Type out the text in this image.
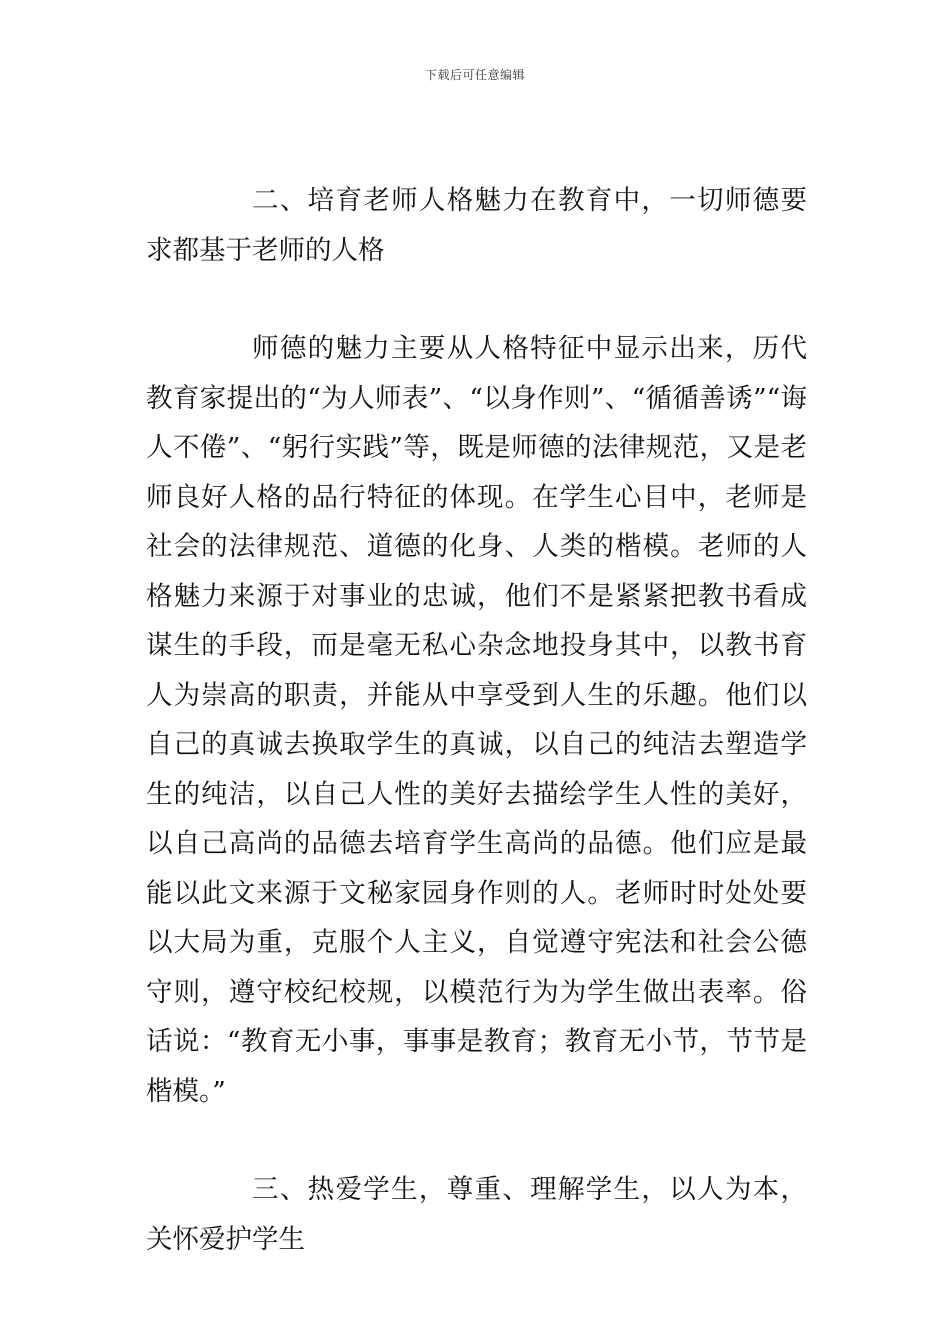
下载后可任意编辑

二、培育老师人格魅力在教育中，一切师德要求都基于老师的人格

师德的魅力主要从人格特征中显示出来，历代教育家提出的“为人师表”、“以身作则”、“循循善诱”“诲人不倦”、“躬行实践”等，既是师德的法律规范，又是老师良好人格的品行特征的体现。在学生心目中，老师是社会的法律规范、道德的化身、人类的楷模。老师的人格魅力来源于对事业的忠诚，他们不是紧紧把教书看成谋生的手段，而是毫无私心杂念地投身其中，以教书育人为崇高的职责，并能从中享受到人生的乐趣。他们以自己的真诚去换取学生的真诚，以自己的纯洁去塑造学生的纯洁，以自己人性的美好去描绘学生人性的美好，以自己高尚的品德去培育学生高尚的品德。他们应是最能以此文来源于文秘家园身作则的人。老师时时处处要以大局为重，克服个人主义，自觉遵守宪法和社会公德守则，遵守校纪校规，以模范行为为学生做出表率。俗话说：“教育无小事，事事是教育；教育无小节，节节是楷模。”

三、热爱学生，尊重、理解学生，以人为本，关怀爱护学生
